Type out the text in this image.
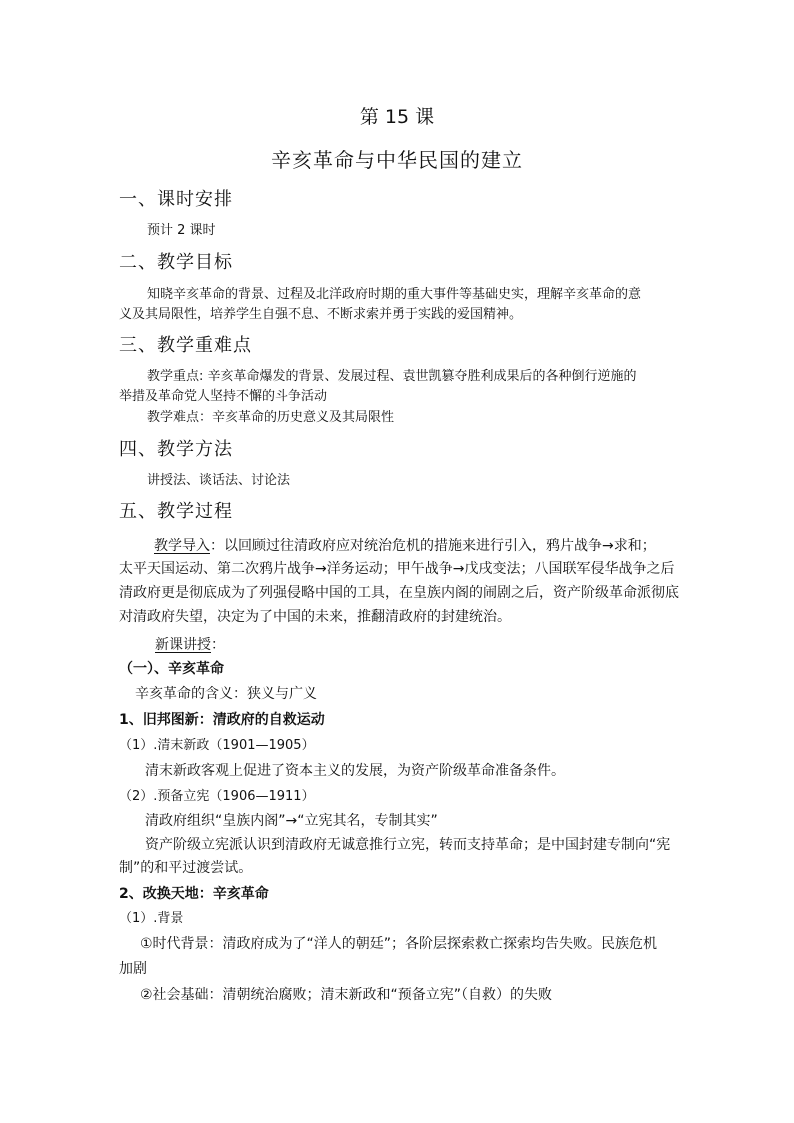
第 15 课
辛亥革命与中华民国的建立
一、课时安排
预计 2 课时
二、教学目标
知晓辛亥革命的背景、过程及北洋政府时期的重大事件等基础史实，理解辛亥革命的意
义及其局限性，培养学生自强不息、不断求索并勇于实践的爱国精神。
三、教学重难点
教学重点: 辛亥革命爆发的背景、发展过程、袁世凯篡夺胜利成果后的各种倒行逆施的
举措及革命党人坚持不懈的斗争活动
教学难点：辛亥革命的历史意义及其局限性
四、教学方法
讲授法、谈话法、讨论法
五、教学过程
教学导入：以回顾过往清政府应对统治危机的措施来进行引入，鸦片战争→求和；
太平天国运动、第二次鸦片战争→洋务运动；甲午战争→戊戌变法；八国联军侵华战争之后
清政府更是彻底成为了列强侵略中国的工具，在皇族内阁的闹剧之后，资产阶级革命派彻底
对清政府失望，决定为了中国的未来，推翻清政府的封建统治。
新课讲授：
（一）、辛亥革命
辛亥革命的含义：狭义与广义
1、旧邦图新：清政府的自救运动
（1）.清末新政（1901—1905）
清末新政客观上促进了资本主义的发展，为资产阶级革命准备条件。
（2）.预备立宪（1906—1911）
清政府组织“皇族内阁”→“立宪其名，专制其实”
资产阶级立宪派认识到清政府无诚意推行立宪，转而支持革命；是中国封建专制向“宪
制”的和平过渡尝试。
2、改换天地：辛亥革命
（1）.背景
①时代背景：清政府成为了“洋人的朝廷”；各阶层探索救亡探索均告失败。民族危机
加剧
②社会基础：清朝统治腐败；清末新政和“预备立宪”（自救）的失败
